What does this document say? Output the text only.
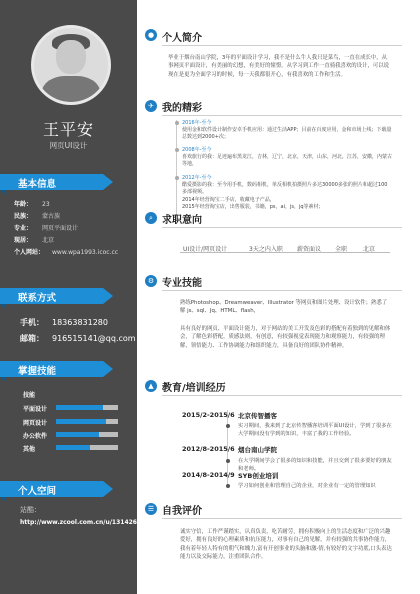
王平安
网页UI设计
基本信息
年龄： 23
民族： 蒙古族
专业： 网页平面设计
现居： 北京
个人网站： www.wpa1993.icoc.cc
联系方式
手机： 18363831280
邮箱： 916515141@qq.com
掌握技能
技能
平面设计
网页设计
办公软件
其他
个人空间
站酷：
http://www.zcool.com.cn/u/13142658
● 个人简介
毕业于烟台南山学院，3年的平面设计学习，我不是什么牛人我只是菜鸟，一直在成长中，从事网页平面设计，有美丽的幻想，有美好的憧憬。从学习到工作一直骑我喜欢的设计，可以说现在是更为全面学习的时候，每一天我都很开心，有我喜欢的工作和生活。
✈ 我的精彩
2016年-至今
使用金和软件设计制作安卓手机应用：通过生活APP；目前在百度应用，金和市场上线；下载量总数达到2000+次；
2008年-至今
喜欢旅行的我：足迹遍布黑龙江，吉林，辽宁，北京，天津，山东，河北，江苏，安徽，内蒙古等地，
2012年-至今
酷爱摄影的我：至今用手机，数码相机，单反相机拍摄照片多达30000多张的照片和超过100多部视频。
2014年经营淘宝二手店，收藏电子产品，
2015年经营淘宝店，出售服装，书籍，ps，ai，js，jq等素材；
⌕ 求职意向
UI设计/网页设计	3天之内入职 薪资面议 全职	北京
⚙ 专业技能
熟练Photoshop、Dreamweaver、Illustrator 等网页和图片处理、设计软件；熟悉了解 js、sql、Jq、HTML、flash，
具有良好的网页、平面设计能力，对于网站的美工开发及色彩的搭配有着独到的见解和体会，了解色彩搭配，质感法则，有创意，有较强视觉表现能力和观察能力，有较强的理解，领悟能力、工作协调能力和组织能力，具备良好的团队协作精神。
▲ 教育/培训经历
2015/2-2015/6 北京传智播客
实习期间，我来到了北京传智播客培训平面UI设计，学到了很多在大学期间没有学到的知识，丰富了我的工作经验。
2012/8-2015/6 烟台南山学院
在大学期间学会了很多的知识和技能，并且交到了很多要好的朋友和老师。
2014/8-2014/9 SYB创业培训
学习如何创业和管理自己的企业，对企业有一定的管理知识
☰ 自我评价
诚实守信，工作严谨踏实，认真负责，吃苦耐劳，拥有积极向上的生活态度和广泛的兴趣爱好，拥有良好的心理素质和抗压能力，对事有自己的见解，并有较强的共事协作能力，我有着年轻人特有的朝气和魄力,富有开创事业的头脑和激-情,有较好的文字功底,口头表达能力以及交际能力，注重团队合作。
